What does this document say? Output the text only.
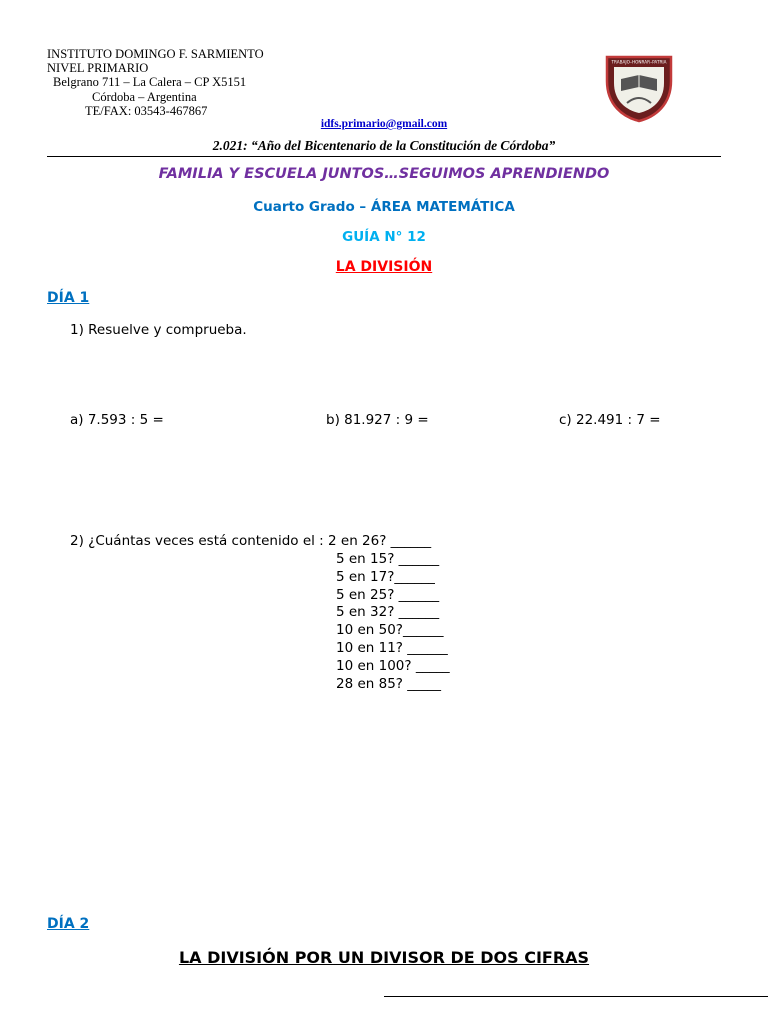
INSTITUTO DOMINGO F. SARMIENTO
NIVEL PRIMARIO
Belgrano 711 – La Calera – CP X5151
Córdoba – Argentina
TE/FAX: 03543-467867
TRABAJO–HONRAR–PATRIA
idfs.primario@gmail.com
2.021: “Año del Bicentenario de la Constitución de Córdoba”
FAMILIA Y ESCUELA JUNTOS…SEGUIMOS APRENDIENDO
Cuarto Grado – ÁREA MATEMÁTICA
GUÍA N° 12
LA DIVISIÓN
DÍA 1
1) Resuelve y comprueba.
a) 7.593 : 5 =	b) 81.927 : 9 =	c) 22.491 : 7 =
2) ¿Cuántas veces está contenido el : 2 en 26? ______
5 en 15? ______
5 en 17?______
5 en 25? ______
5 en 32? ______
10 en 50?______
10 en 11? ______
10 en 100? _____
28 en 85? _____
DÍA 2
LA DIVISIÓN POR UN DIVISOR DE DOS CIFRAS
